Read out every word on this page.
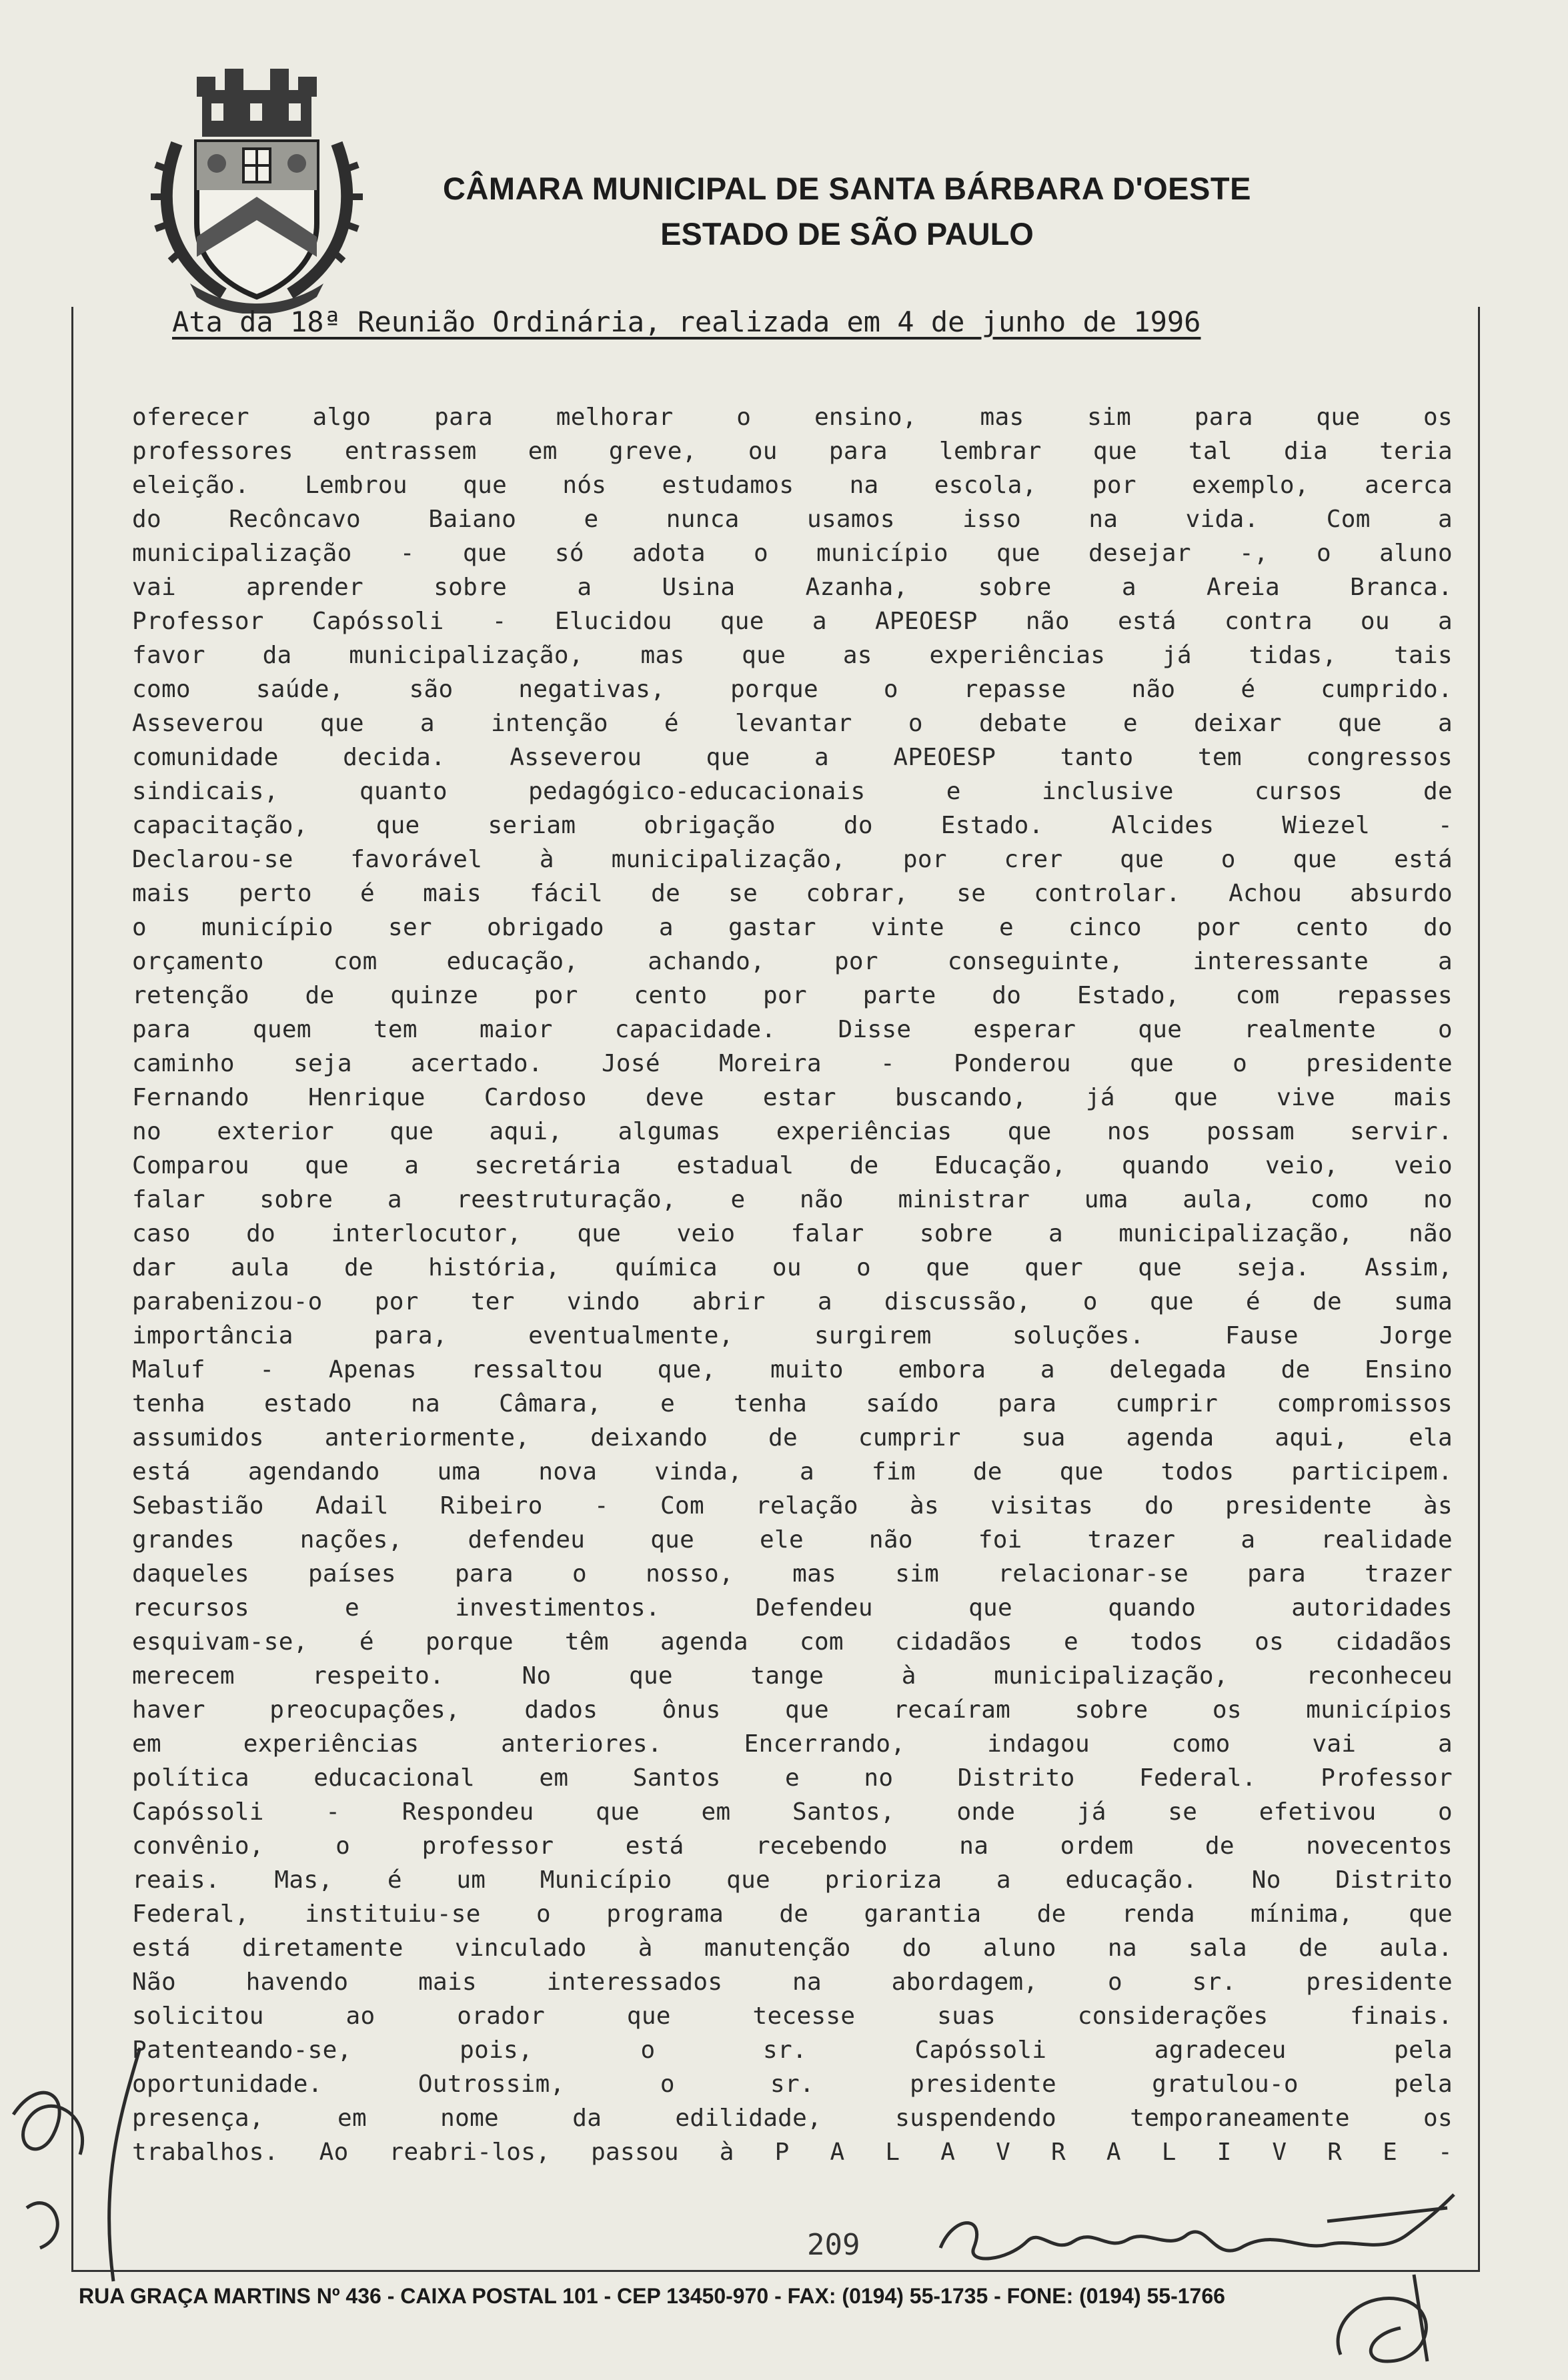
CÂMARA MUNICIPAL DE SANTA BÁRBARA D'OESTE
ESTADO DE SÃO PAULO
Ata da 18ª Reunião Ordinária, realizada em 4 de junho de 1996
oferecer algo para melhorar o ensino, mas sim para que os
professores entrassem em greve, ou para lembrar que tal dia teria
eleição. Lembrou que nós estudamos na escola, por exemplo, acerca
do Recôncavo Baiano e nunca usamos isso na vida. Com a
municipalização - que só adota o município que desejar -, o aluno
vai aprender sobre a Usina Azanha, sobre a Areia Branca.
Professor Capóssoli - Elucidou que a APEOESP não está contra ou a
favor da municipalização, mas que as experiências já tidas, tais
como saúde, são negativas, porque o repasse não é cumprido.
Asseverou que a intenção é levantar o debate e deixar que a
comunidade decida. Asseverou que a APEOESP tanto tem congressos
sindicais, quanto pedagógico-educacionais e inclusive cursos de
capacitação, que seriam obrigação do Estado. Alcides Wiezel -
Declarou-se favorável à municipalização, por crer que o que está
mais perto é mais fácil de se cobrar, se controlar. Achou absurdo
o município ser obrigado a gastar vinte e cinco por cento do
orçamento com educação, achando, por conseguinte, interessante a
retenção de quinze por cento por parte do Estado, com repasses
para quem tem maior capacidade. Disse esperar que realmente o
caminho seja acertado. José Moreira - Ponderou que o presidente
Fernando Henrique Cardoso deve estar buscando, já que vive mais
no exterior que aqui, algumas experiências que nos possam servir.
Comparou que a secretária estadual de Educação, quando veio, veio
falar sobre a reestruturação, e não ministrar uma aula, como no
caso do interlocutor, que veio falar sobre a municipalização, não
dar aula de história, química ou o que quer que seja. Assim,
parabenizou-o por ter vindo abrir a discussão, o que é de suma
importância para, eventualmente, surgirem soluções. Fause Jorge
Maluf - Apenas ressaltou que, muito embora a delegada de Ensino
tenha estado na Câmara, e tenha saído para cumprir compromissos
assumidos anteriormente, deixando de cumprir sua agenda aqui, ela
está agendando uma nova vinda, a fim de que todos participem.
Sebastião Adail Ribeiro - Com relação às visitas do presidente às
grandes nações, defendeu que ele não foi trazer a realidade
daqueles países para o nosso, mas sim relacionar-se para trazer
recursos e investimentos. Defendeu que quando autoridades
esquivam-se, é porque têm agenda com cidadãos e todos os cidadãos
merecem respeito. No que tange à municipalização, reconheceu
haver preocupações, dados ônus que recaíram sobre os municípios
em experiências anteriores. Encerrando, indagou como vai a
política educacional em Santos e no Distrito Federal. Professor
Capóssoli - Respondeu que em Santos, onde já se efetivou o
convênio, o professor está recebendo na ordem de novecentos
reais. Mas, é um Município que prioriza a educação. No Distrito
Federal, instituiu-se o programa de garantia de renda mínima, que
está diretamente vinculado à manutenção do aluno na sala de aula.
Não havendo mais interessados na abordagem, o sr. presidente
solicitou ao orador que tecesse suas considerações finais.
Patenteando-se, pois, o sr. Capóssoli agradeceu pela
oportunidade. Outrossim, o sr. presidente gratulou-o pela
presença, em nome da edilidade, suspendendo temporaneamente os
trabalhos. Ao reabri-los, passou à P A L A V R A L I V R E -
209
RUA GRAÇA MARTINS Nº 436 - CAIXA POSTAL 101 - CEP 13450-970 - FAX: (0194) 55-1735 - FONE: (0194) 55-1766
